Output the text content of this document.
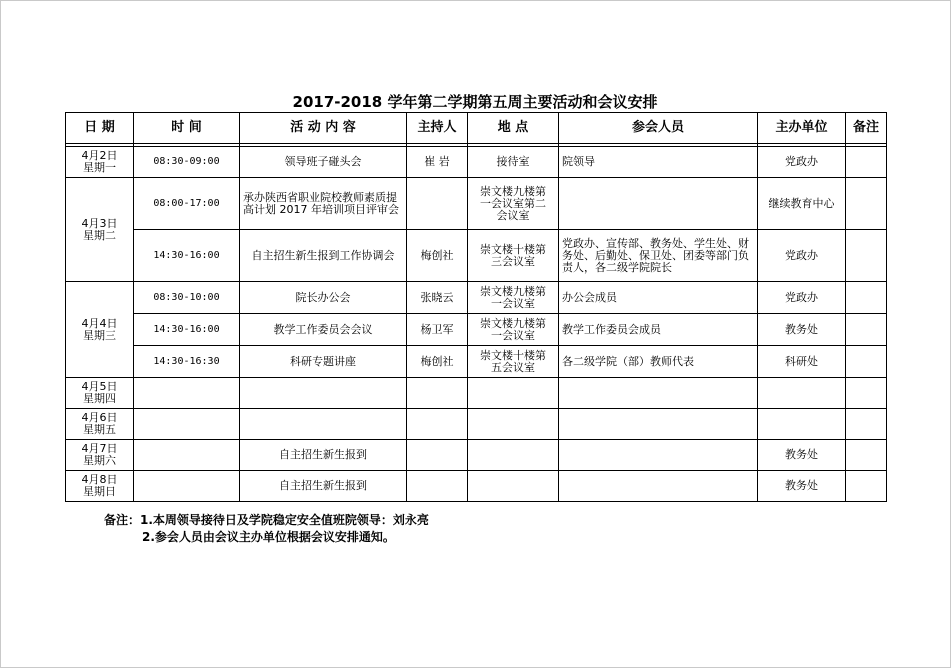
2017-2018 学年第二学期第五周主要活动和会议安排
日 期	时 间	活 动 内 容	主持人	地 点	参会人员	主办单位	备注

4月2日
星期一	08:30-09:00	领导班子碰头会	崔 岩	接待室	院领导	党政办	
4月3日
星期二	08:00-17:00	承办陕西省职业院校教师素质提高计划 2017 年培训项目评审会		崇文楼九楼第一会议室第二会议室		继续教育中心	
	14:30-16:00	自主招生新生报到工作协调会	梅创社	崇文楼十楼第三会议室	党政办、宣传部、教务处、学生处、财务处、后勤处、保卫处、团委等部门负责人，各二级学院院长	党政办	
4月4日
星期三	08:30-10:00	院长办公会	张晓云	崇文楼九楼第一会议室	办公会成员	党政办	
	14:30-16:00	教学工作委员会会议	杨卫军	崇文楼九楼第一会议室	教学工作委员会成员	教务处	
	14:30-16:30	科研专题讲座	梅创社	崇文楼十楼第五会议室	各二级学院（部）教师代表	科研处	
4月5日
星期四							
4月6日
星期五							
4月7日
星期六		自主招生新生报到				教务处	
4月8日
星期日		自主招生新生报到				教务处	
备注：1.本周领导接待日及学院稳定安全值班院领导：刘永亮
2.参会人员由会议主办单位根据会议安排通知。
